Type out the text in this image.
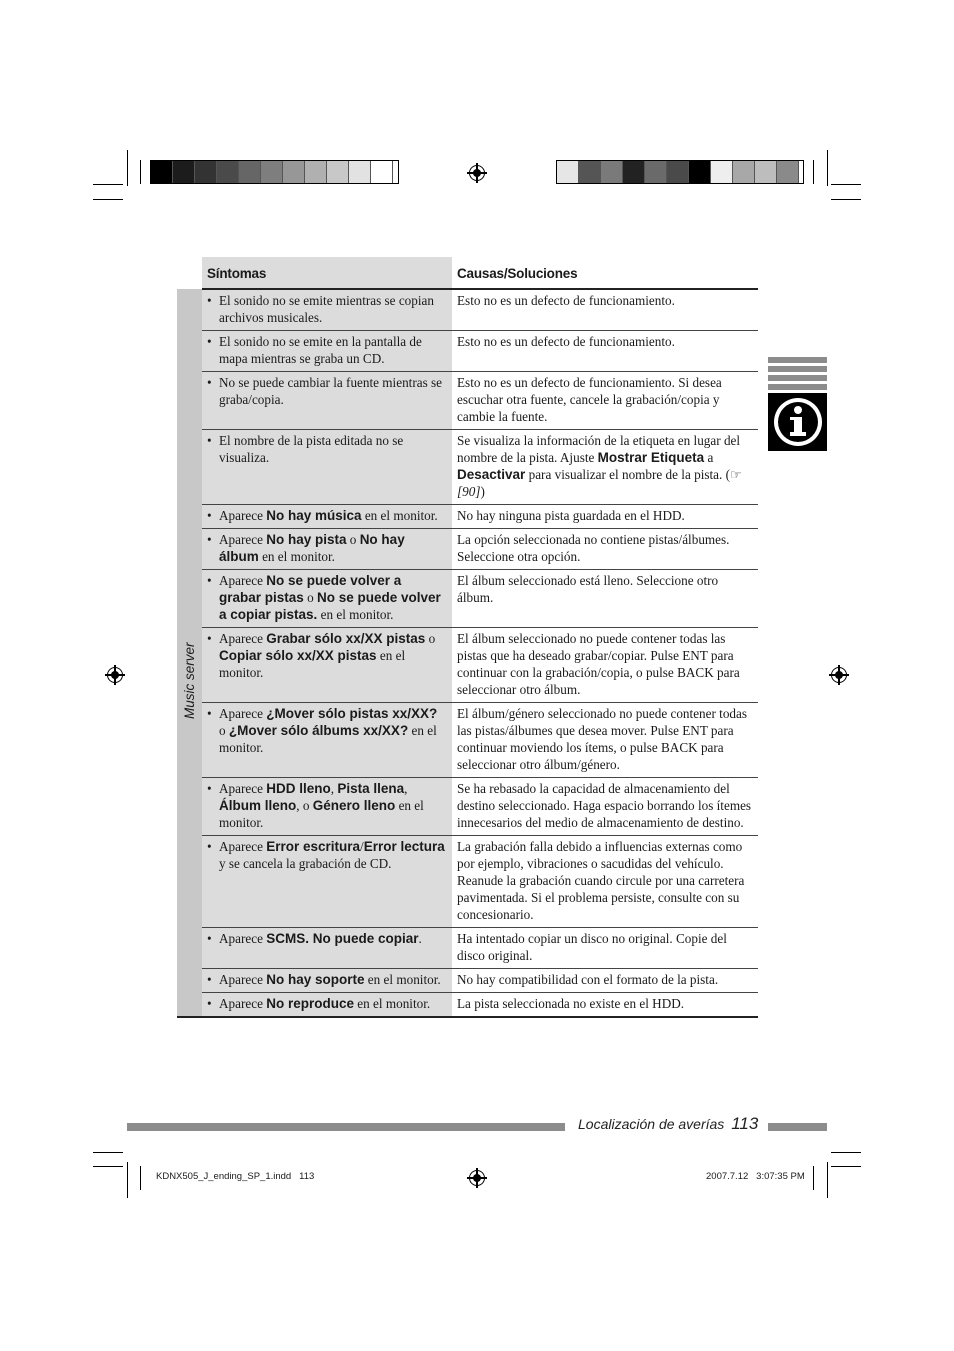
	Síntomas	Causas/Soluciones

Music server	• El sonido no se emite mientras se copian archivos musicales.	Esto no es un defecto de funcionamiento.

	• El sonido no se emite en la pantalla de mapa mientras se graba un CD.	Esto no es un defecto de funcionamiento.

	• No se puede cambiar la fuente mientras se graba/copia.	Esto no es un defecto de funcionamiento. Si desea escuchar otra fuente, cancele la grabación/copia y cambie la fuente.

	• El nombre de la pista editada no se visualiza.	Se visualiza la información de la etiqueta en lugar del nombre de la pista. Ajuste Mostrar Etiqueta a Desactivar para visualizar el nombre de la pista. (☞ [90])

	• Aparece No hay música en el monitor.	No hay ninguna pista guardada en el HDD.

	• Aparece No hay pista o No hay álbum en el monitor.	La opción seleccionada no contiene pistas/álbumes. Seleccione otra opción.

	• Aparece No se puede volver a grabar pistas o No se puede volver a copiar pistas. en el monitor.	El álbum seleccionado está lleno. Seleccione otro álbum.

	• Aparece Grabar sólo xx/XX pistas o Copiar sólo xx/XX pistas en el monitor.	El álbum seleccionado no puede contener todas las pistas que ha deseado grabar/copiar. Pulse ENT para continuar con la grabación/copia, o pulse BACK para seleccionar otro álbum.

	• Aparece ¿Mover sólo pistas xx/XX? o ¿Mover sólo álbums xx/XX? en el monitor.	El álbum/género seleccionado no puede contener todas las pistas/álbumes que desea mover. Pulse ENT para continuar moviendo los ítems, o pulse BACK para seleccionar otro álbum/género.

	• Aparece HDD lleno, Pista llena, Álbum lleno, o Género lleno en el monitor.	Se ha rebasado la capacidad de almacenamiento del destino seleccionado. Haga espacio borrando los ítemes innecesarios del medio de almacenamiento de destino.

	• Aparece Error escritura/Error lectura y se cancela la grabación de CD.	La grabación falla debido a influencias externas como por ejemplo, vibraciones o sacudidas del vehículo. Reanude la grabación cuando circule por una carretera pavimentada. Si el problema persiste, consulte con su concesionario.

	• Aparece SCMS. No puede copiar.	Ha intentado copiar un disco no original. Copie del disco original.

	• Aparece No hay soporte en el monitor.	No hay compatibilidad con el formato de la pista.

	• Aparece No reproduce en el monitor.	La pista seleccionada no existe en el HDD.
Localización de averías 113
KDNX505_J_ending_SP_1.indd   113	2007.7.12   3:07:35 PM
